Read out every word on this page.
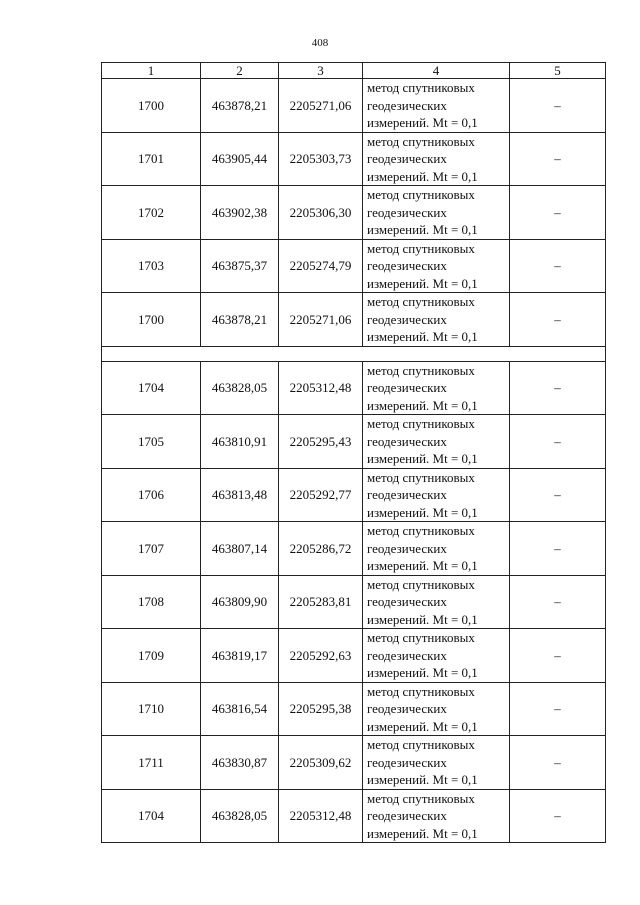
408
1	2	3	4	5
1700	463878,21	2205271,06	метод спутниковых
геодезических
измерений. Mt = 0,1	–
1701	463905,44	2205303,73	метод спутниковых
геодезических
измерений. Mt = 0,1	–
1702	463902,38	2205306,30	метод спутниковых
геодезических
измерений. Mt = 0,1	–
1703	463875,37	2205274,79	метод спутниковых
геодезических
измерений. Mt = 0,1	–
1700	463878,21	2205271,06	метод спутниковых
геодезических
измерений. Mt = 0,1	–

1704	463828,05	2205312,48	метод спутниковых
геодезических
измерений. Mt = 0,1	–
1705	463810,91	2205295,43	метод спутниковых
геодезических
измерений. Mt = 0,1	–
1706	463813,48	2205292,77	метод спутниковых
геодезических
измерений. Mt = 0,1	–
1707	463807,14	2205286,72	метод спутниковых
геодезических
измерений. Mt = 0,1	–
1708	463809,90	2205283,81	метод спутниковых
геодезических
измерений. Mt = 0,1	–
1709	463819,17	2205292,63	метод спутниковых
геодезических
измерений. Mt = 0,1	–
1710	463816,54	2205295,38	метод спутниковых
геодезических
измерений. Mt = 0,1	–
1711	463830,87	2205309,62	метод спутниковых
геодезических
измерений. Mt = 0,1	–
1704	463828,05	2205312,48	метод спутниковых
геодезических
измерений. Mt = 0,1	–
